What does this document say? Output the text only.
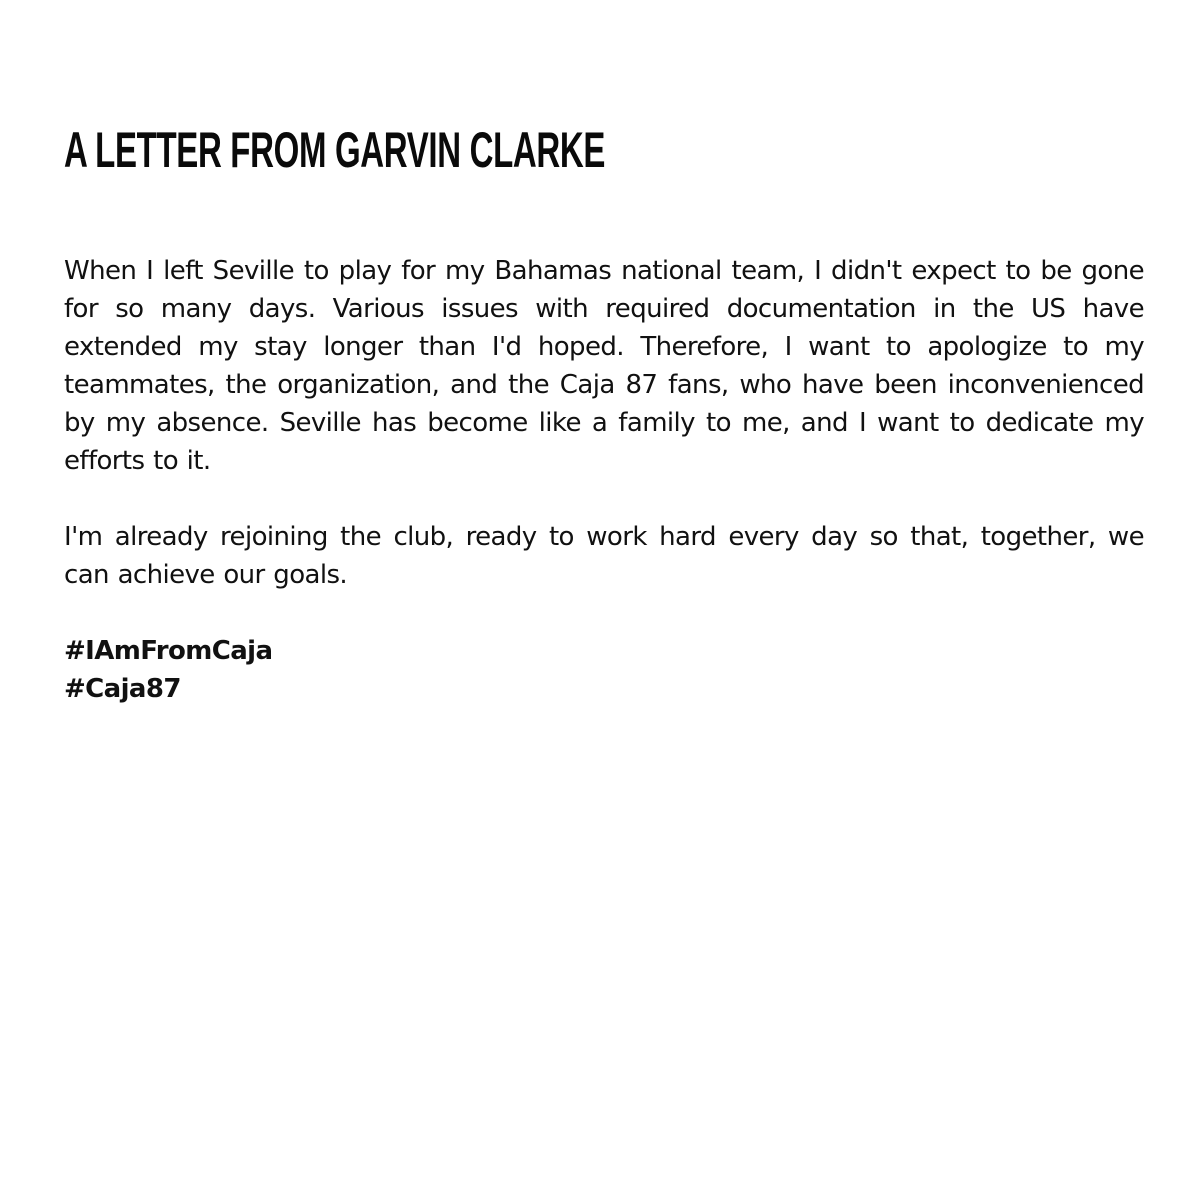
A LETTER FROM GARVIN CLARKE

When I left Seville to play for my Bahamas national team, I didn't expect to be gone for so many days. Various issues with required documentation in the US have extended my stay longer than I'd hoped. Therefore, I want to apologize to my teammates, the organization, and the Caja 87 fans, who have been inconvenienced by my absence. Seville has become like a family to me, and I want to dedicate my efforts to it.

I'm already rejoining the club, ready to work hard every day so that, together, we can achieve our goals.

#IAmFromCaja
#Caja87
